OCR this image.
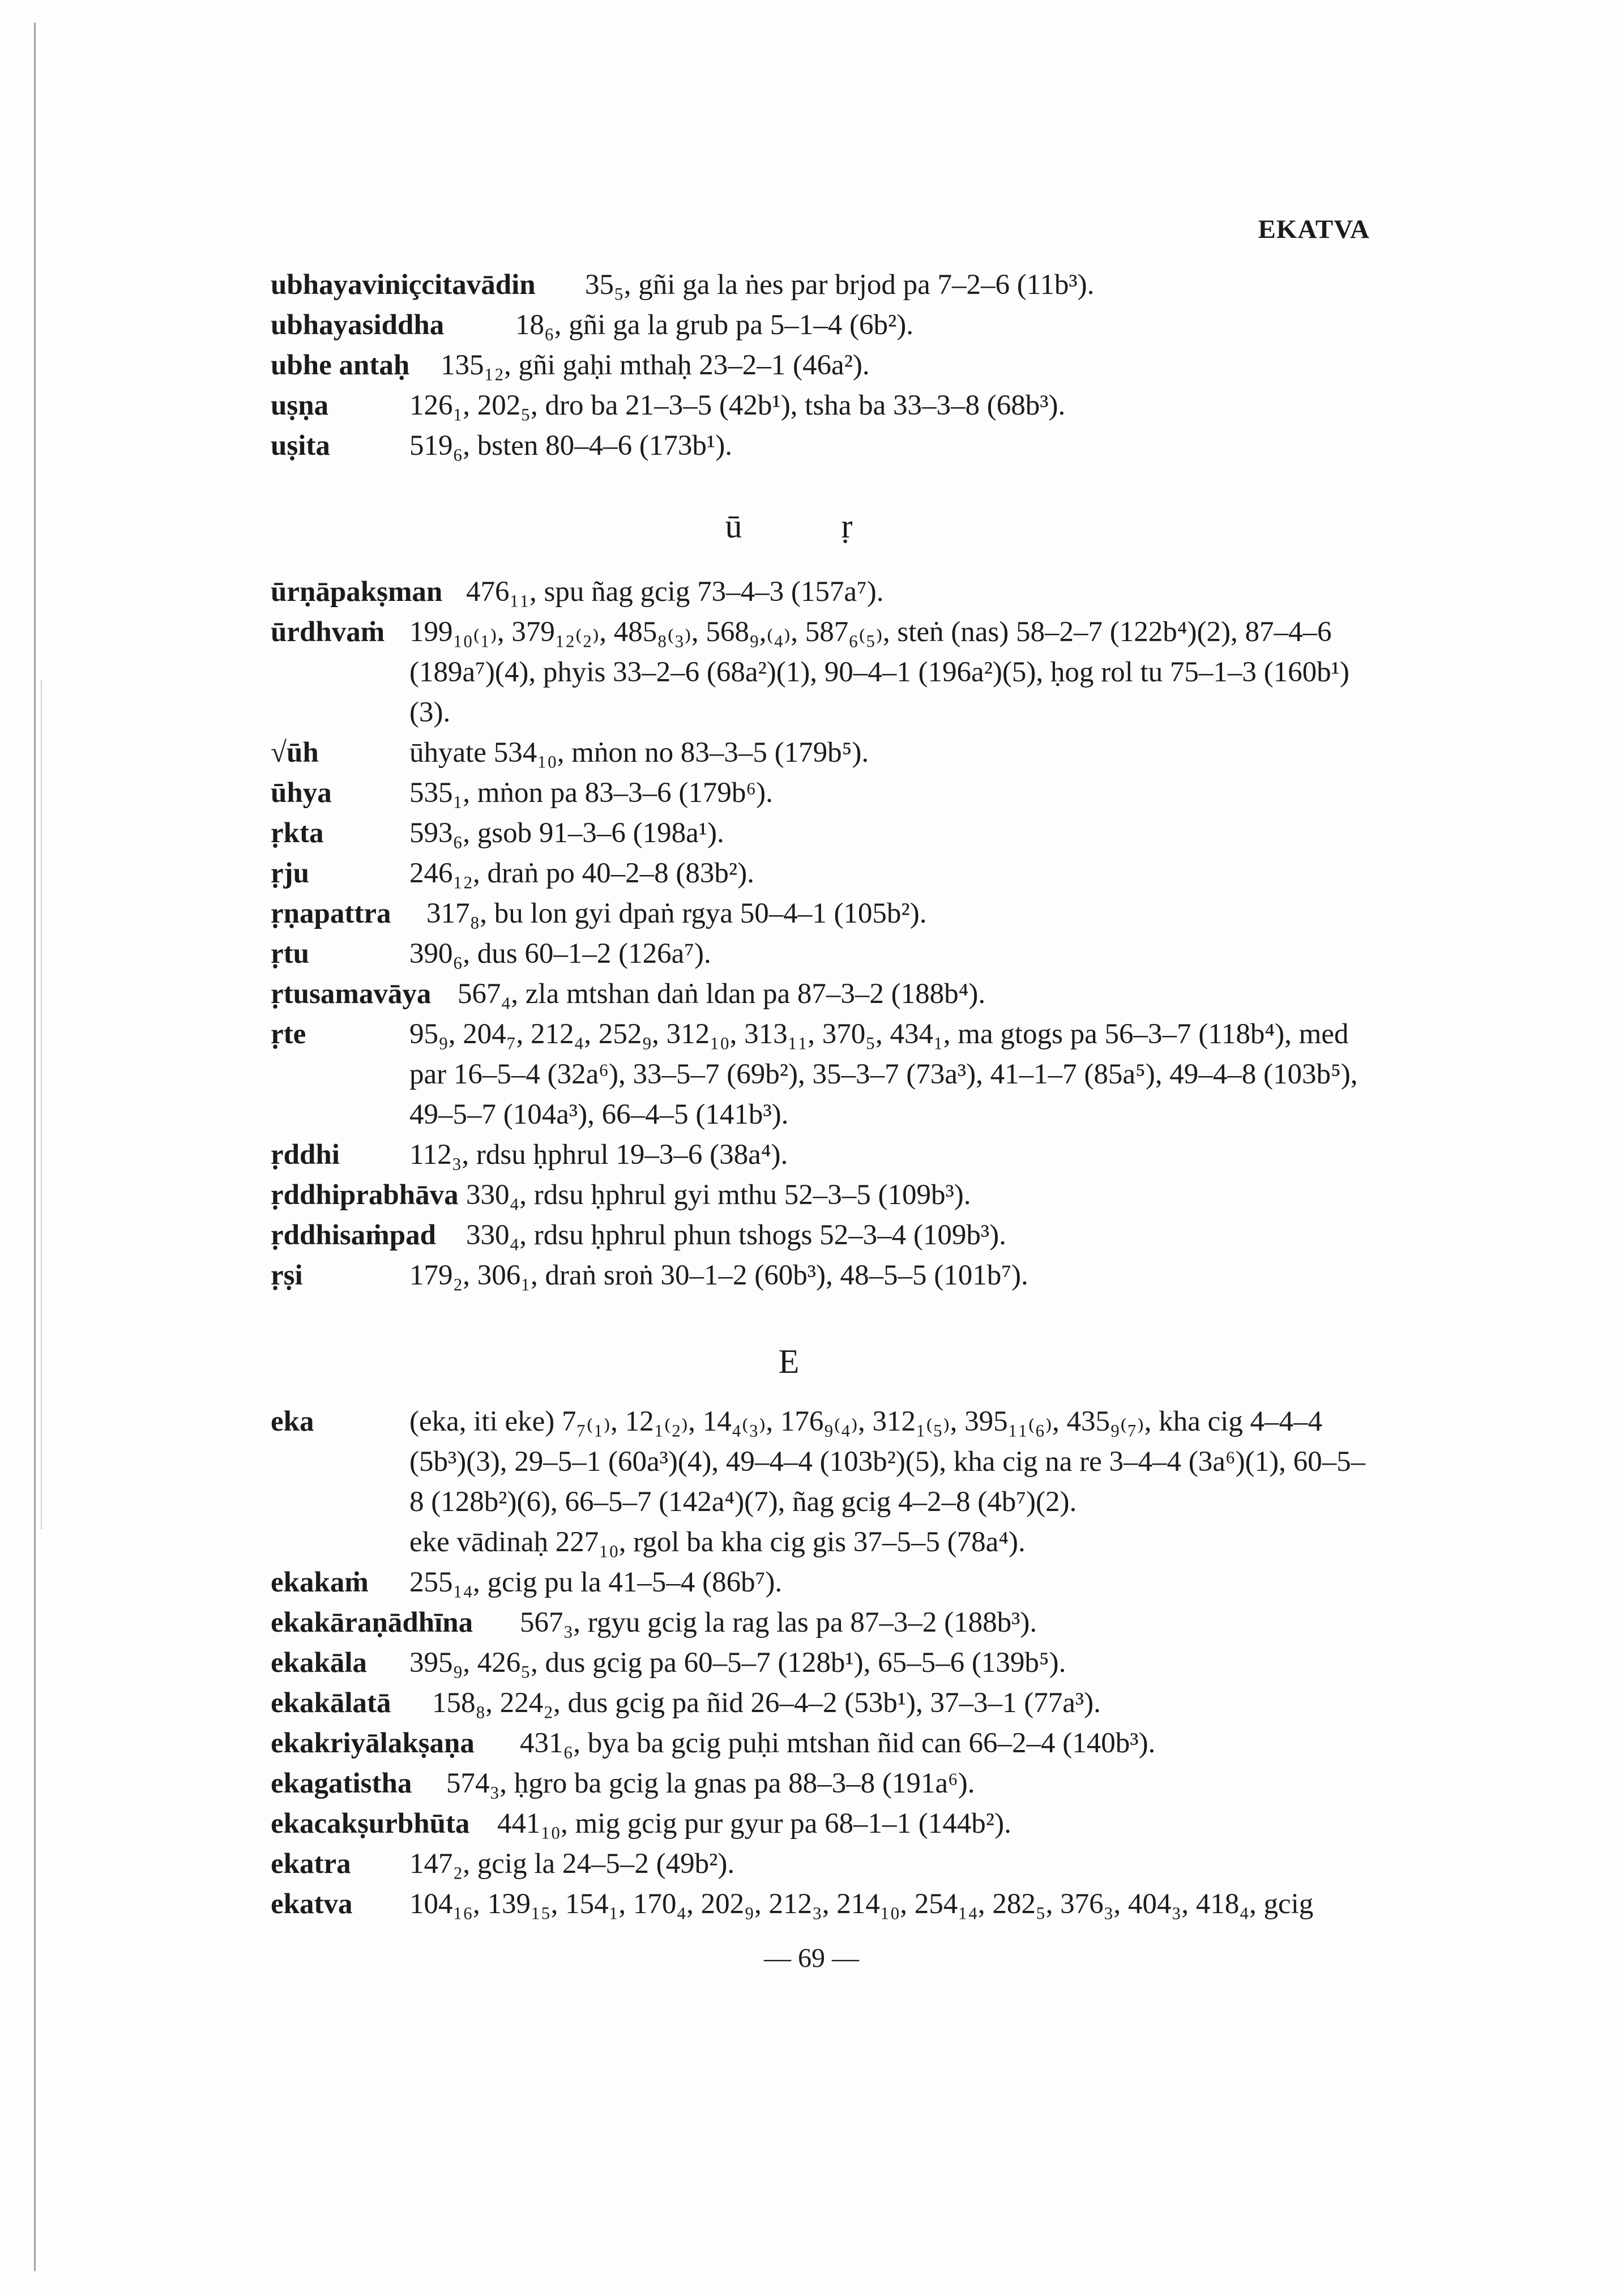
EKATVA
ubhayaviniçcitavādin 35₅, gñi ga la ṅes par brjod pa 7–2–6 (11b³).
ubhayasiddha 18₆, gñi ga la grub pa 5–1–4 (6b²).
ubhe antaḥ 135₁₂, gñi gaḥi mthaḥ 23–2–1 (46a²).
uṣṇa	126₁, 202₅, dro ba 21–3–5 (42b¹), tsha ba 33–3–8 (68b³).
uṣita	519₆, bsten 80–4–6 (173b¹).
ū ṛ
ūrṇāpakṣman 476₁₁, spu ñag gcig 73–4–3 (157a⁷).
ūrdhvaṁ 199₁₀₍₁₎, 379₁₂₍₂₎, 485₈₍₃₎, 568₉,₍₄₎, 587₆₍₅₎, steṅ (nas) 58–2–7 (122b⁴)(2), 87–4–6 (189a⁷)(4), phyis 33–2–6 (68a²)(1), 90–4–1 (196a²)(5), ḥog rol tu 75–1–3 (160b¹)(3).
√ūh	ūhyate 534₁₀, mṅon no 83–3–5 (179b⁵).
ūhya	535₁, mṅon pa 83–3–6 (179b⁶).
ṛkta	593₆, gsob 91–3–6 (198a¹).
ṛju	246₁₂, draṅ po 40–2–8 (83b²).
ṛṇapattra 317₈, bu lon gyi dpaṅ rgya 50–4–1 (105b²).
ṛtu	390₆, dus 60–1–2 (126a⁷).
ṛtusamavāya 567₄, zla mtshan daṅ ldan pa 87–3–2 (188b⁴).
ṛte	95₉, 204₇, 212₄, 252₉, 312₁₀, 313₁₁, 370₅, 434₁, ma gtogs pa 56–3–7 (118b⁴), med par 16–5–4 (32a⁶), 33–5–7 (69b²), 35–3–7 (73a³), 41–1–7 (85a⁵), 49–4–8 (103b⁵), 49–5–7 (104a³), 66–4–5 (141b³).
ṛddhi 112₃, rdsu ḥphrul 19–3–6 (38a⁴).
ṛddhiprabhāva 330₄, rdsu ḥphrul gyi mthu 52–3–5 (109b³).
ṛddhisaṁpad 330₄, rdsu ḥphrul phun tshogs 52–3–4 (109b³).
ṛṣi	179₂, 306₁, draṅ sroṅ 30–1–2 (60b³), 48–5–5 (101b⁷).
E
eka	(eka, iti eke) 7₇₍₁₎, 12₁₍₂₎, 14₄₍₃₎, 176₉₍₄₎, 312₁₍₅₎, 395₁₁₍₆₎, 435₉₍₇₎, kha cig 4–4–4 (5b³)(3), 29–5–1 (60a³)(4), 49–4–4 (103b²)(5), kha cig na re 3–4–4 (3a⁶)(1), 60–5–8 (128b²)(6), 66–5–7 (142a⁴)(7), ñag gcig 4–2–8 (4b⁷)(2).
eke vādinaḥ 227₁₀, rgol ba kha cig gis 37–5–5 (78a⁴).
ekakaṁ 255₁₄, gcig pu la 41–5–4 (86b⁷).
ekakāraṇādhīna 567₃, rgyu gcig la rag las pa 87–3–2 (188b³).
ekakāla 395₉, 426₅, dus gcig pa 60–5–7 (128b¹), 65–5–6 (139b⁵).
ekakālatā 158₈, 224₂, dus gcig pa ñid 26–4–2 (53b¹), 37–3–1 (77a³).
ekakriyālakṣaṇa 431₆, bya ba gcig puḥi mtshan ñid can 66–2–4 (140b³).
ekagatistha 574₃, ḥgro ba gcig la gnas pa 88–3–8 (191a⁶).
ekacakṣurbhūta 441₁₀, mig gcig pur gyur pa 68–1–1 (144b²).
ekatra 147₂, gcig la 24–5–2 (49b²).
ekatva 104₁₆, 139₁₅, 154₁, 170₄, 202₉, 212₃, 214₁₀, 254₁₄, 282₅, 376₃, 404₃, 418₄, gcig
— 69 —
